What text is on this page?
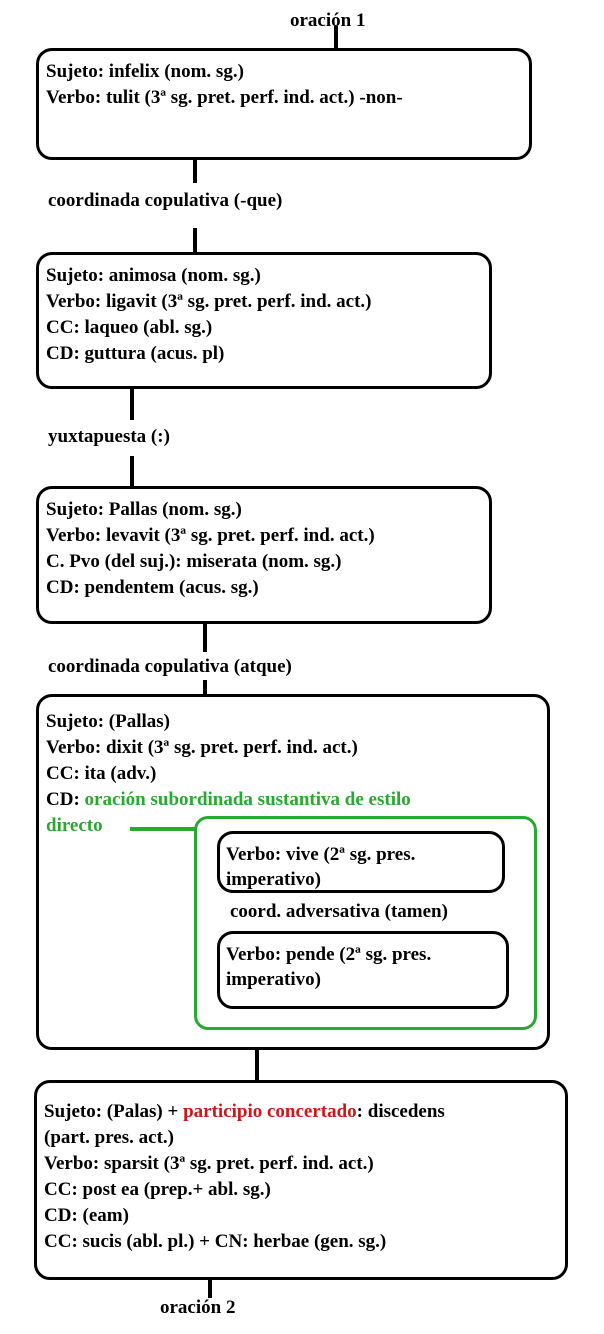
oración 1
Sujeto: infelix (nom. sg.)
Verbo: tulit (3ª sg. pret. perf. ind. act.) -non-
coordinada copulativa (-que)
Sujeto: animosa (nom. sg.)
Verbo: ligavit (3ª sg. pret. perf. ind. act.)
CC: laqueo (abl. sg.)
CD: guttura (acus. pl)
yuxtapuesta (:)
Sujeto: Pallas (nom. sg.)
Verbo: levavit (3ª sg. pret. perf. ind. act.)
C. Pvo (del suj.): miserata (nom. sg.)
CD: pendentem (acus. sg.)
coordinada copulativa (atque)
Sujeto: (Pallas)
Verbo: dixit (3ª sg. pret. perf. ind. act.)
CC: ita (adv.)
CD: oración subordinada sustantiva de estilo
directo
Verbo: vive (2ª sg. pres.
imperativo)
coord. adversativa (tamen)
Verbo: pende (2ª sg. pres.
imperativo)
Sujeto: (Palas) + participio concertado: discedens
(part. pres. act.)
Verbo: sparsit (3ª sg. pret. perf. ind. act.)
CC: post ea (prep.+ abl. sg.)
CD: (eam)
CC: sucis (abl. pl.) + CN: herbae (gen. sg.)
oración 2
